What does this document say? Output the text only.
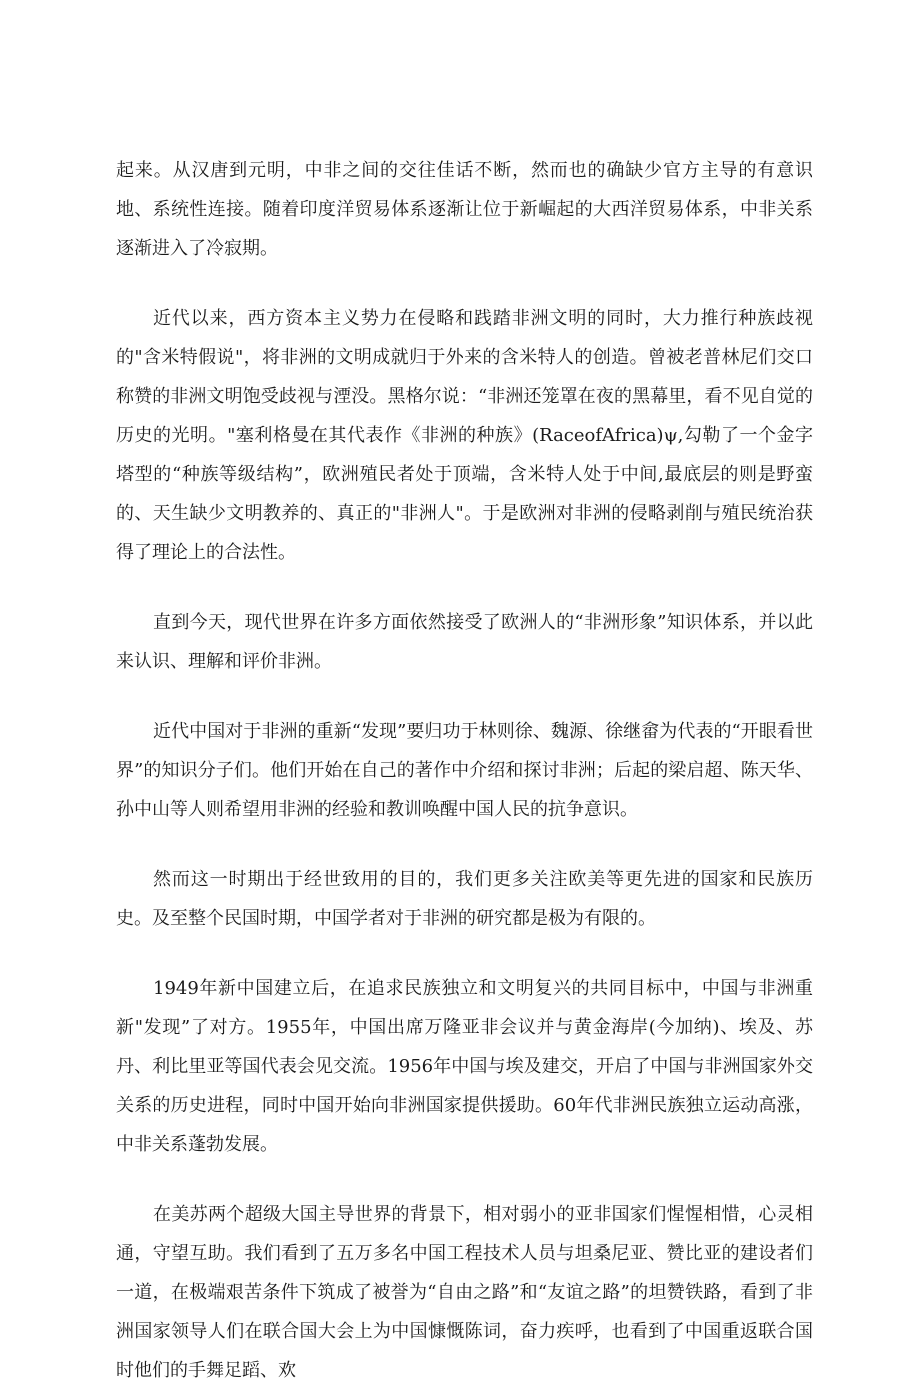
起来。从汉唐到元明，中非之间的交往佳话不断，然而也的确缺少官方主导的有意识地、系统性连接。随着印度洋贸易体系逐渐让位于新崛起的大西洋贸易体系，中非关系逐渐进入了冷寂期。

近代以来，西方资本主义势力在侵略和践踏非洲文明的同时，大力推行种族歧视的"含米特假说"，将非洲的文明成就归于外来的含米特人的创造。曾被老普林尼们交口称赞的非洲文明饱受歧视与湮没。黑格尔说：“非洲还笼罩在夜的黑幕里，看不见自觉的历史的光明。"塞利格曼在其代表作《非洲的种族》(RaceofAfrica)ψ,勾勒了一个金字塔型的“种族等级结构”，欧洲殖民者处于顶端，含米特人处于中间,最底层的则是野蛮的、天生缺少文明教养的、真正的"非洲人"。于是欧洲对非洲的侵略剥削与殖民统治获得了理论上的合法性。

直到今天，现代世界在许多方面依然接受了欧洲人的“非洲形象”知识体系，并以此来认识、理解和评价非洲。

近代中国对于非洲的重新“发现”要归功于林则徐、魏源、徐继畲为代表的“开眼看世界”的知识分子们。他们开始在自己的著作中介绍和探讨非洲；后起的梁启超、陈天华、孙中山等人则希望用非洲的经验和教训唤醒中国人民的抗争意识。

然而这一时期出于经世致用的目的，我们更多关注欧美等更先进的国家和民族历史。及至整个民国时期，中国学者对于非洲的研究都是极为有限的。

1949年新中国建立后，在追求民族独立和文明复兴的共同目标中，中国与非洲重新"发现”了对方。1955年，中国出席万隆亚非会议并与黄金海岸(今加纳)、埃及、苏丹、利比里亚等国代表会见交流。1956年中国与埃及建交，开启了中国与非洲国家外交关系的历史进程，同时中国开始向非洲国家提供援助。60年代非洲民族独立运动高涨，中非关系蓬勃发展。

在美苏两个超级大国主导世界的背景下，相对弱小的亚非国家们惺惺相惜，心灵相通，守望互助。我们看到了五万多名中国工程技术人员与坦桑尼亚、赞比亚的建设者们一道，在极端艰苦条件下筑成了被誉为“自由之路”和“友谊之路”的坦赞铁路，看到了非洲国家领导人们在联合国大会上为中国慷慨陈词，奋力疾呼，也看到了中国重返联合国时他们的手舞足蹈、欢
